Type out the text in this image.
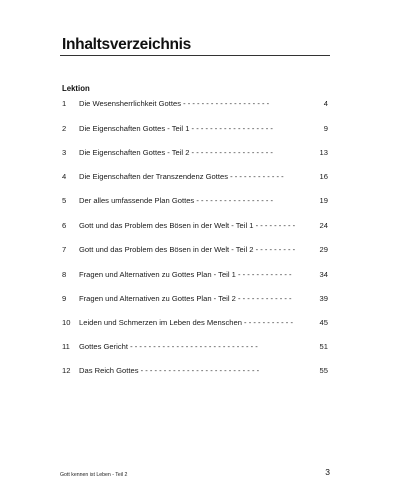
Inhaltsverzeichnis
Lektion
1 Die Wesensherrlichkeit Gottes - - - - - - - - - - - - - - - - - - -	4
2 Die Eigenschaften Gottes - Teil 1 - - - - - - - - - - - - - - - - - -	9
3 Die Eigenschaften Gottes - Teil 2 - - - - - - - - - - - - - - - - - -	13
4 Die Eigenschaften der Transzendenz Gottes - - - - - - - - - - - -	16
5 Der alles umfassende Plan Gottes - - - - - - - - - - - - - - - - -	19
6 Gott und das Problem des Bösen in der Welt - Teil 1 - - - - - - - - -	24
7 Gott und das Problem des Bösen in der Welt - Teil 2 - - - - - - - - -	29
8 Fragen und Alternativen zu Gottes Plan - Teil 1 - - - - - - - - - - - -	34
9 Fragen und Alternativen zu Gottes Plan - Teil 2 - - - - - - - - - - - -	39
10 Leiden und Schmerzen im Leben des Menschen - - - - - - - - - - -	45
11 Gottes Gericht - - - - - - - - - - - - - - - - - - - - - - - - - - - -	51
12 Das Reich Gottes - - - - - - - - - - - - - - - - - - - - - - - - - -	55
Gott kennen ist Leben - Teil 2	3
